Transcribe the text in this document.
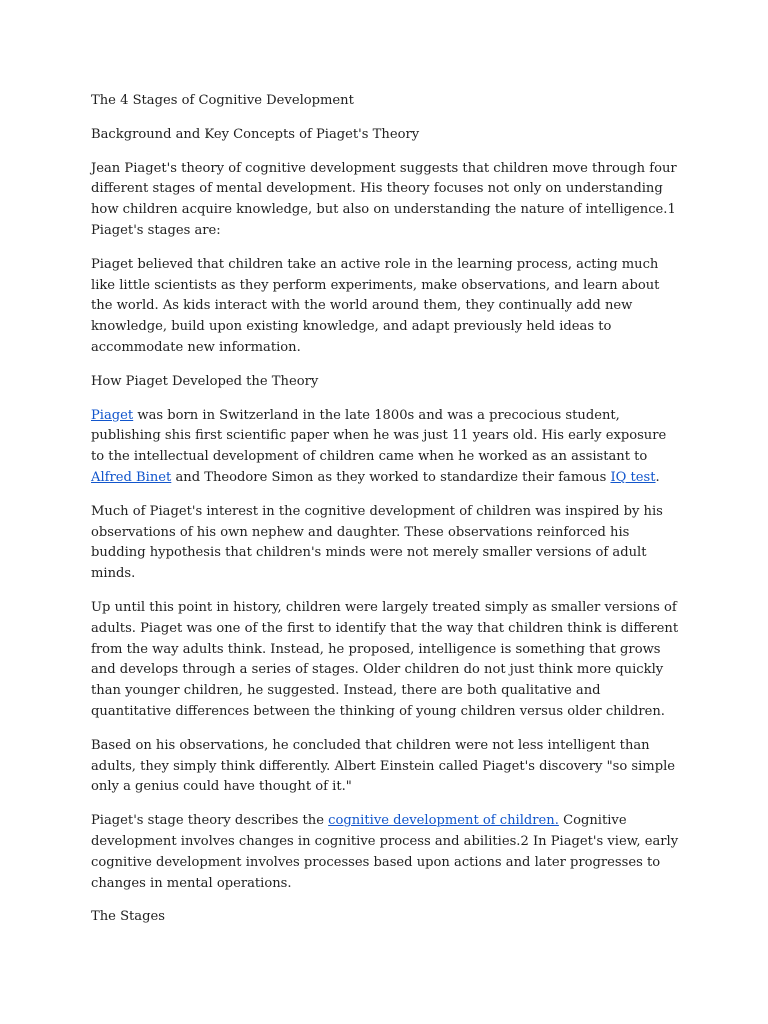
The 4 Stages of Cognitive Development

Background and Key Concepts of Piaget's Theory

Jean Piaget's theory of cognitive development suggests that children move through four different stages of mental development. His theory focuses not only on understanding how children acquire knowledge, but also on understanding the nature of intelligence.1 Piaget's stages are:

Piaget believed that children take an active role in the learning process, acting much like little scientists as they perform experiments, make observations, and learn about the world. As kids interact with the world around them, they continually add new knowledge, build upon existing knowledge, and adapt previously held ideas to accommodate new information.

How Piaget Developed the Theory

Piaget was born in Switzerland in the late 1800s and was a precocious student, publishing shis first scientific paper when he was just 11 years old. His early exposure to the intellectual development of children came when he worked as an assistant to Alfred Binet and Theodore Simon as they worked to standardize their famous IQ test.

Much of Piaget's interest in the cognitive development of children was inspired by his observations of his own nephew and daughter. These observations reinforced his budding hypothesis that children's minds were not merely smaller versions of adult minds.

Up until this point in history, children were largely treated simply as smaller versions of adults. Piaget was one of the first to identify that the way that children think is different from the way adults think. Instead, he proposed, intelligence is something that grows and develops through a series of stages. Older children do not just think more quickly than younger children, he suggested. Instead, there are both qualitative and quantitative differences between the thinking of young children versus older children.

Based on his observations, he concluded that children were not less intelligent than adults, they simply think differently. Albert Einstein called Piaget's discovery "so simple only a genius could have thought of it."

Piaget's stage theory describes the cognitive development of children. Cognitive development involves changes in cognitive process and abilities.2 In Piaget's view, early cognitive development involves processes based upon actions and later progresses to changes in mental operations.

The Stages
